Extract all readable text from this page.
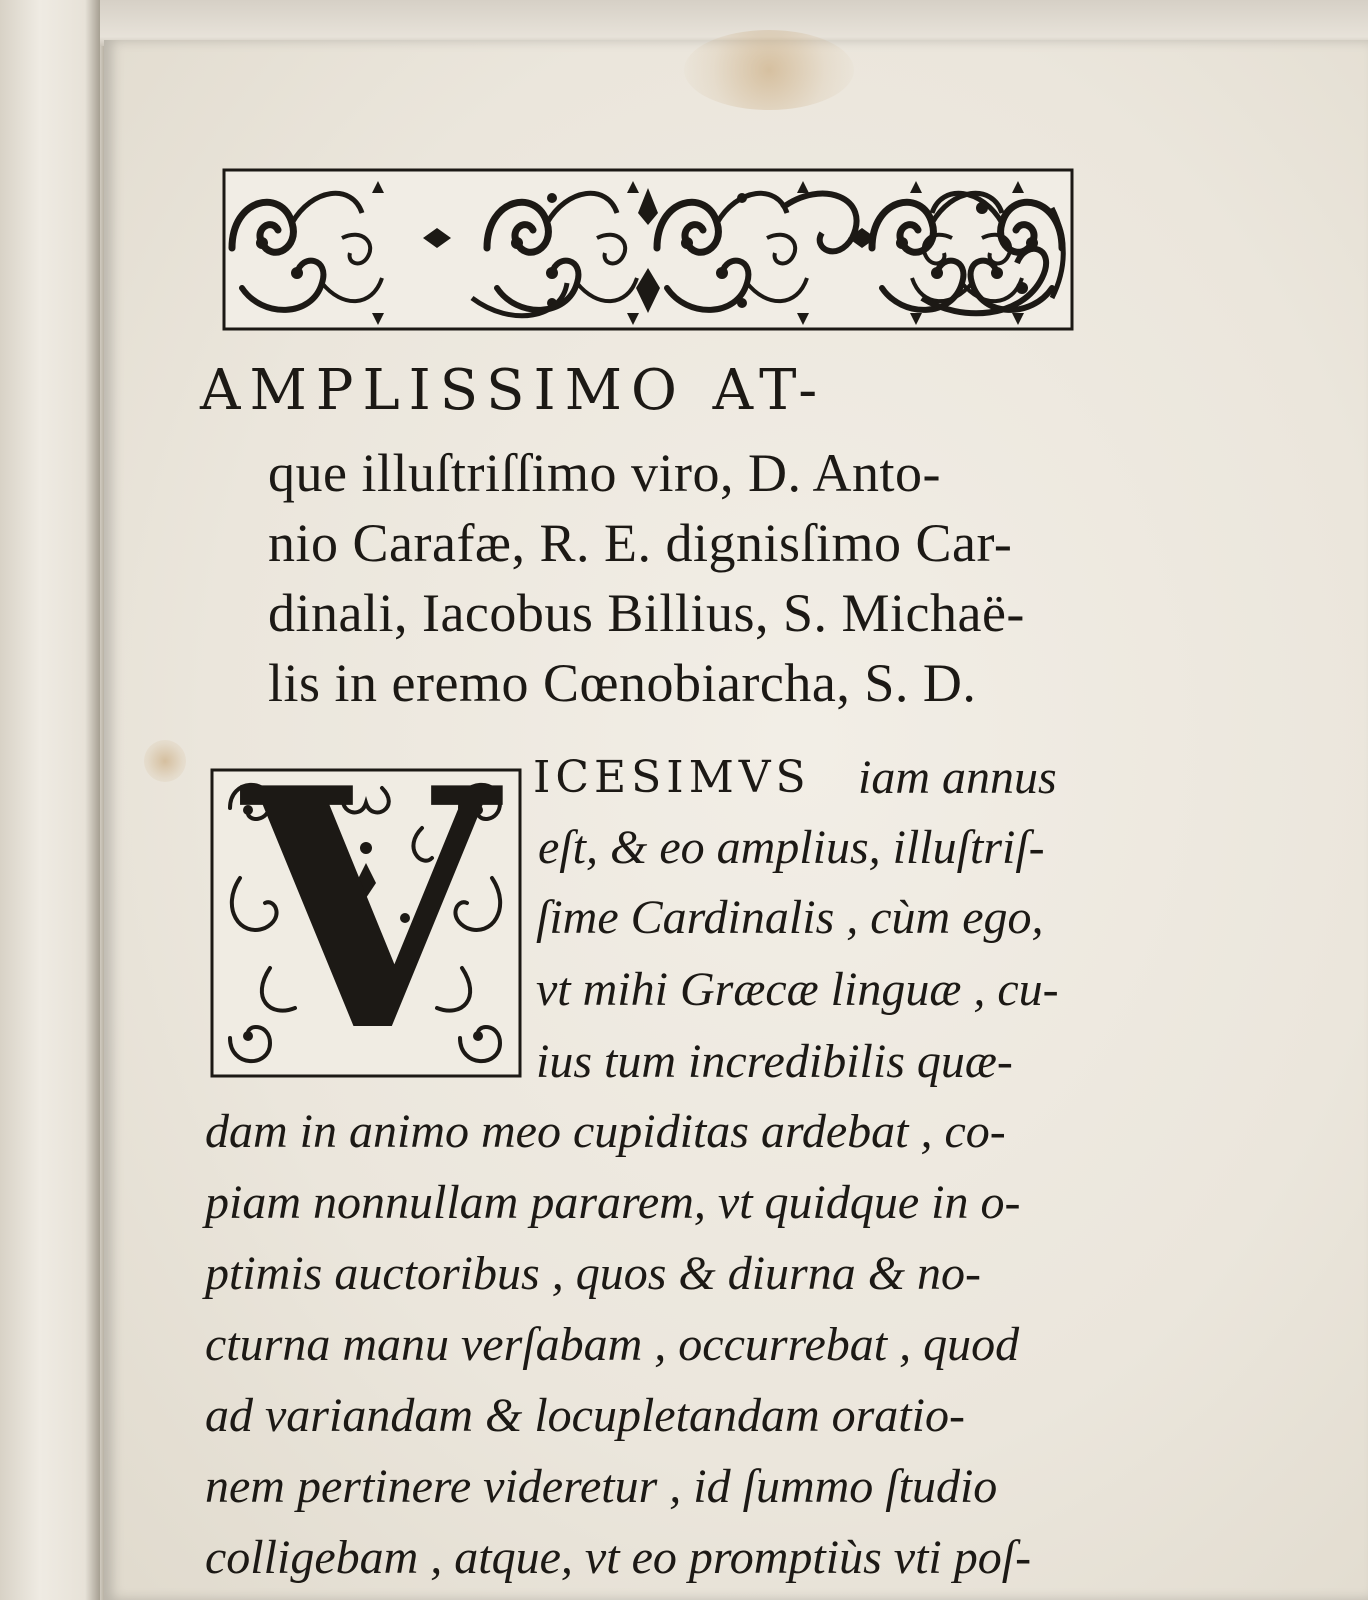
AMPLISSIMO AT-
que illuſtriſſimo viro, D. Anto-
nio Carafæ, R. E. dignisſimo Car-
dinali, Iacobus Billius, S. Michaë-
lis in eremo Cœnobiarcha, S. D.
V ICESIMVS iam annus
eſt, & eo amplius, illuſtriſ-
ſime Cardinalis , cùm ego,
vt mihi Græcæ linguæ , cu-
ius tum incredibilis quæ-
dam in animo meo cupiditas ardebat , co-
piam nonnullam pararem, vt quidque in o-
ptimis auctoribus , quos & diurna & no-
cturna manu verſabam , occurrebat , quod
ad variandam & locupletandam oratio-
nem pertinere videretur , id ſummo ſtudio
colligebam , atque, vt eo promptiùs vti poſ-
